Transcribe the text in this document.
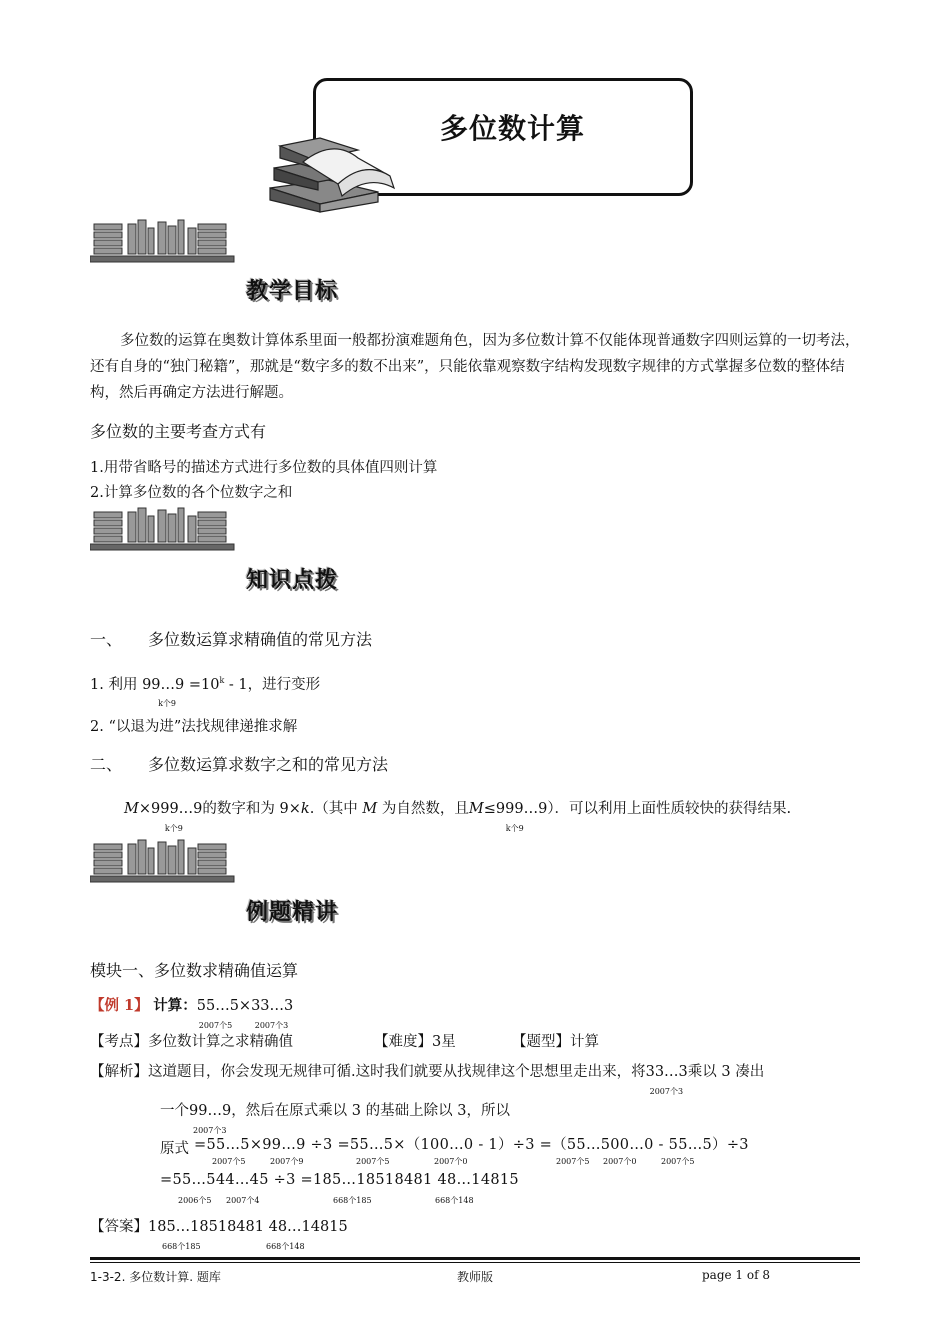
多位数计算
教学目标
多位数的运算在奥数计算体系里面一般都扮演难题角色，因为多位数计算不仅能体现普通数字四则运算的一切考法，还有自身的“独门秘籍”，那就是“数字多的数不出来”，只能依靠观察数字结构发现数字规律的方式掌握多位数的整体结构，然后再确定方法进行解题。
多位数的主要考查方式有
1.用带省略号的描述方式进行多位数的具体值四则计算
2.计算多位数的各个位数字之和
知识点拨
一、 多位数运算求精确值的常见方法
1. 利用 99…9 $=10^k$
k个9
- 1，进行变形
2. “以退为进”法找规律递推求解
二、 多位数运算求数字之和的常见方法
M×999…9
k个9
的数字和为 9×k.（其中 M 为自然数，且M≤999…9
k个9
）．可以利用上面性质较快的获得结果.
例题精讲
模块一、多位数求精确值运算
【例 1】 计算：55…5×33…3
2007个5	2007个3
【考点】多位数计算之求精确值	【难度】3星	【题型】计算
【解析】这道题目，你会发现无规律可循.这时我们就要从找规律这个思想里走出来，将33…3
2007个3
乘以 3 凑出
一个99…9
2007个3
，然后在原式乘以 3 的基础上除以 3，所以
原式 =55…5×99…9 ÷3 =55…5×（100…0 - 1）÷3 =（55…500…0 - 55…5）÷3
2007个5	2007个9	2007个5	2007个0	2007个5 2007个0	2007个5
=55…544…45 ÷3 =185…18518481 48…14815
2006个5 2007个4	668个185	668个148
【答案】185…18518481 48…14815
668个185	668个148
1-3-2. 多位数计算. 题库	教师版	page 1 of 8
